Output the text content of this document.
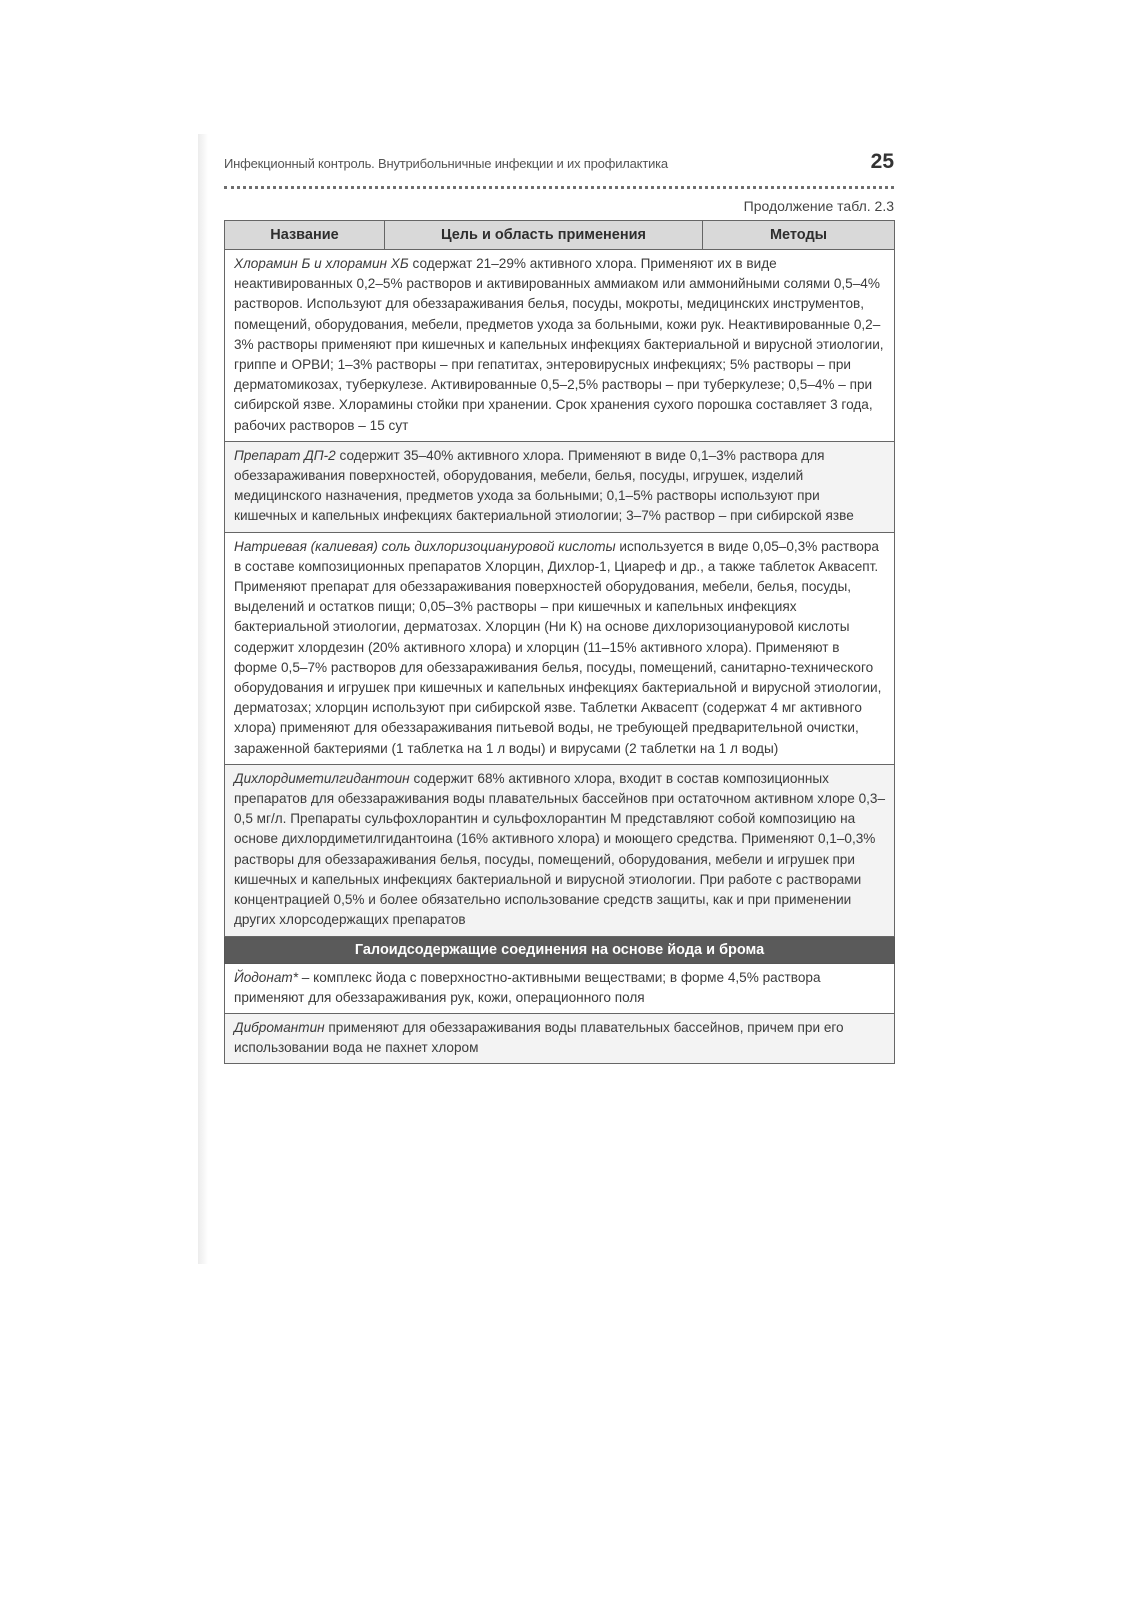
Инфекционный контроль. Внутрибольничные инфекции и их профилактика	25
Продолжение табл. 2.3
Название	Цель и область применения	Методы
Хлорамин Б и хлорамин ХБ содержат 21–29% активного хлора. Применяют их в виде неактивированных 0,2–5% растворов и активированных аммиаком или аммонийными солями 0,5–4% растворов. Используют для обеззараживания белья, посуды, мокроты, медицинских инструментов, помещений, оборудования, мебели, предметов ухода за больными, кожи рук. Неактивированные 0,2–3% растворы применяют при кишечных и капельных инфекциях бактериальной и вирусной этиологии, гриппе и ОРВИ; 1–3% растворы – при гепатитах, энтеровирусных инфекциях; 5% растворы – при дерматомикозах, туберкулезе. Активированные 0,5–2,5% растворы – при туберкулезе; 0,5–4% – при сибирской язве. Хлорамины стойки при хранении. Срок хранения сухого порошка составляет 3 года, рабочих растворов – 15 сут
Препарат ДП-2 содержит 35–40% активного хлора. Применяют в виде 0,1–3% раствора для обеззараживания поверхностей, оборудования, мебели, белья, посуды, игрушек, изделий медицинского назначения, предметов ухода за больными; 0,1–5% растворы используют при кишечных и капельных инфекциях бактериальной этиологии; 3–7% раствор – при сибирской язве
Натриевая (калиевая) соль дихлоризоциануровой кислоты используется в виде 0,05–0,3% раствора в составе композиционных препаратов Хлорцин, Дихлор-1, Циареф и др., а также таблеток Аквасепт. Применяют препарат для обеззараживания поверхностей оборудования, мебели, белья, посуды, выделений и остатков пищи; 0,05–3% растворы – при кишечных и капельных инфекциях бактериальной этиологии, дерматозах. Хлорцин (Ни К) на основе дихлоризоциануровой кислоты содержит хлордезин (20% активного хлора) и хлорцин (11–15% активного хлора). Применяют в форме 0,5–7% растворов для обеззараживания белья, посуды, помещений, санитарно-технического оборудования и игрушек при кишечных и капельных инфекциях бактериальной и вирусной этиологии, дерматозах; хлорцин используют при сибирской язве. Таблетки Аквасепт (содержат 4 мг активного хлора) применяют для обеззараживания питьевой воды, не требующей предварительной очистки, зараженной бактериями (1 таблетка на 1 л воды) и вирусами (2 таблетки на 1 л воды)
Дихлордиметилгидантоин содержит 68% активного хлора, входит в состав композиционных препаратов для обеззараживания воды плавательных бассейнов при остаточном активном хлоре 0,3–0,5 мг/л. Препараты сульфохлорантин и сульфохлорантин М представляют собой композицию на основе дихлордиметилгидантоина (16% активного хлора) и моющего средства. Применяют 0,1–0,3% растворы для обеззараживания белья, посуды, помещений, оборудования, мебели и игрушек при кишечных и капельных инфекциях бактериальной и вирусной этиологии. При работе с растворами концентрацией 0,5% и более обязательно использование средств защиты, как и при применении других хлорсодержащих препаратов
Галоидсодержащие соединения на основе йода и брома
Йодонат* – комплекс йода с поверхностно-активными веществами; в форме 4,5% раствора применяют для обеззараживания рук, кожи, операционного поля
Дибромантин применяют для обеззараживания воды плавательных бассейнов, причем при его использовании вода не пахнет хлором
